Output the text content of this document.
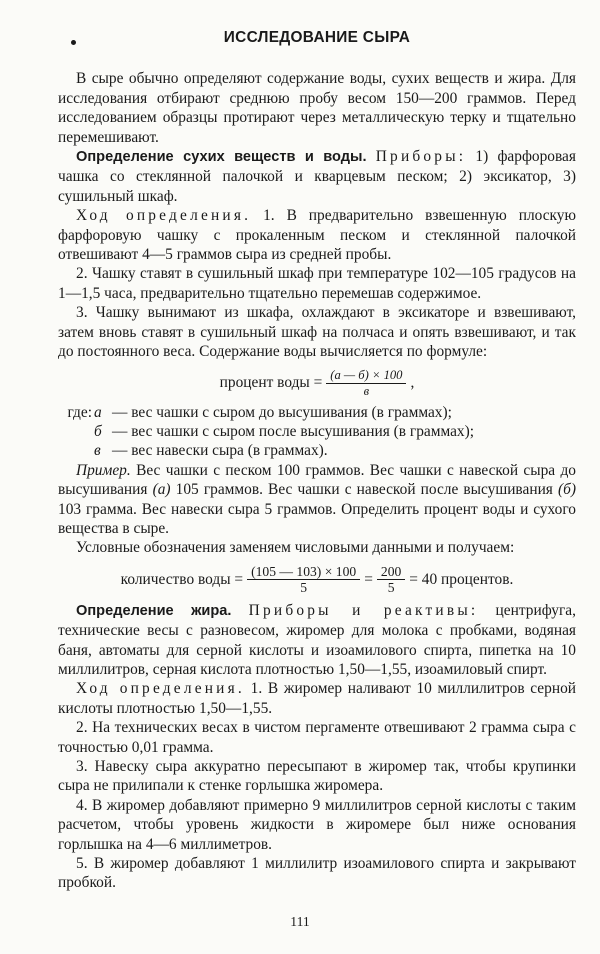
ИССЛЕДОВАНИЕ СЫРА

В сыре обычно определяют содержание воды, сухих веществ и жира. Для исследования отбирают среднюю пробу весом 150—200 граммов. Перед исследованием образцы протирают через металлическую терку и тщательно перемешивают.

Определение сухих веществ и воды. Приборы: 1) фарфоровая чашка со стеклянной палочкой и кварцевым песком; 2) эксикатор, 3) сушильный шкаф.

Ход определения. 1. В предварительно взвешенную плоскую фарфоровую чашку с прокаленным песком и стеклянной палочкой отвешивают 4—5 граммов сыра из средней пробы.

2. Чашку ставят в сушильный шкаф при температуре 102—105 градусов на 1—1,5 часа, предварительно тщательно перемешав содержимое.

3. Чашку вынимают из шкафа, охлаждают в эксикаторе и взвешивают, затем вновь ставят в сушильный шкаф на полчаса и опять взвешивают, и так до постоянного веса. Содержание воды вычисляется по формуле:

процент воды = $\frac{(а — б) \times 100}{в}$ ,
где: а — вес чашки с сыром до высушивания (в граммах);
б — вес чашки с сыром после высушивания (в граммах);
в — вес навески сыра (в граммах).

Пример. Вес чашки с песком 100 граммов. Вес чашки с навеской сыра до высушивания (а) 105 граммов. Вес чашки с навеской после высушивания (б) 103 грамма. Вес навески сыра 5 граммов. Определить процент воды и сухого вещества в сыре.

Условные обозначения заменяем числовыми данными и получаем:

количество воды = $\frac{(105 — 103) \times 100}{5} = \frac{200}{5} = 40$ процентов.

Определение жира. Приборы и реактивы: центрифуга, технические весы с разновесом, жиромер для молока с пробками, водяная баня, автоматы для серной кислоты и изоамилового спирта, пипетка на 10 миллилитров, серная кислота плотностью 1,50—1,55, изоамиловый спирт.

Ход определения. 1. В жиромер наливают 10 миллилитров серной кислоты плотностью 1,50—1,55.

2. На технических весах в чистом пергаменте отвешивают 2 грамма сыра с точностью 0,01 грамма.

3. Навеску сыра аккуратно пересыпают в жиромер так, чтобы крупинки сыра не прилипали к стенке горлышка жиромера.

4. В жиромер добавляют примерно 9 миллилитров серной кислоты с таким расчетом, чтобы уровень жидкости в жиромере был ниже основания горлышка на 4—6 миллиметров.

5. В жиромер добавляют 1 миллилитр изоамилового спирта и закрывают пробкой.

111
